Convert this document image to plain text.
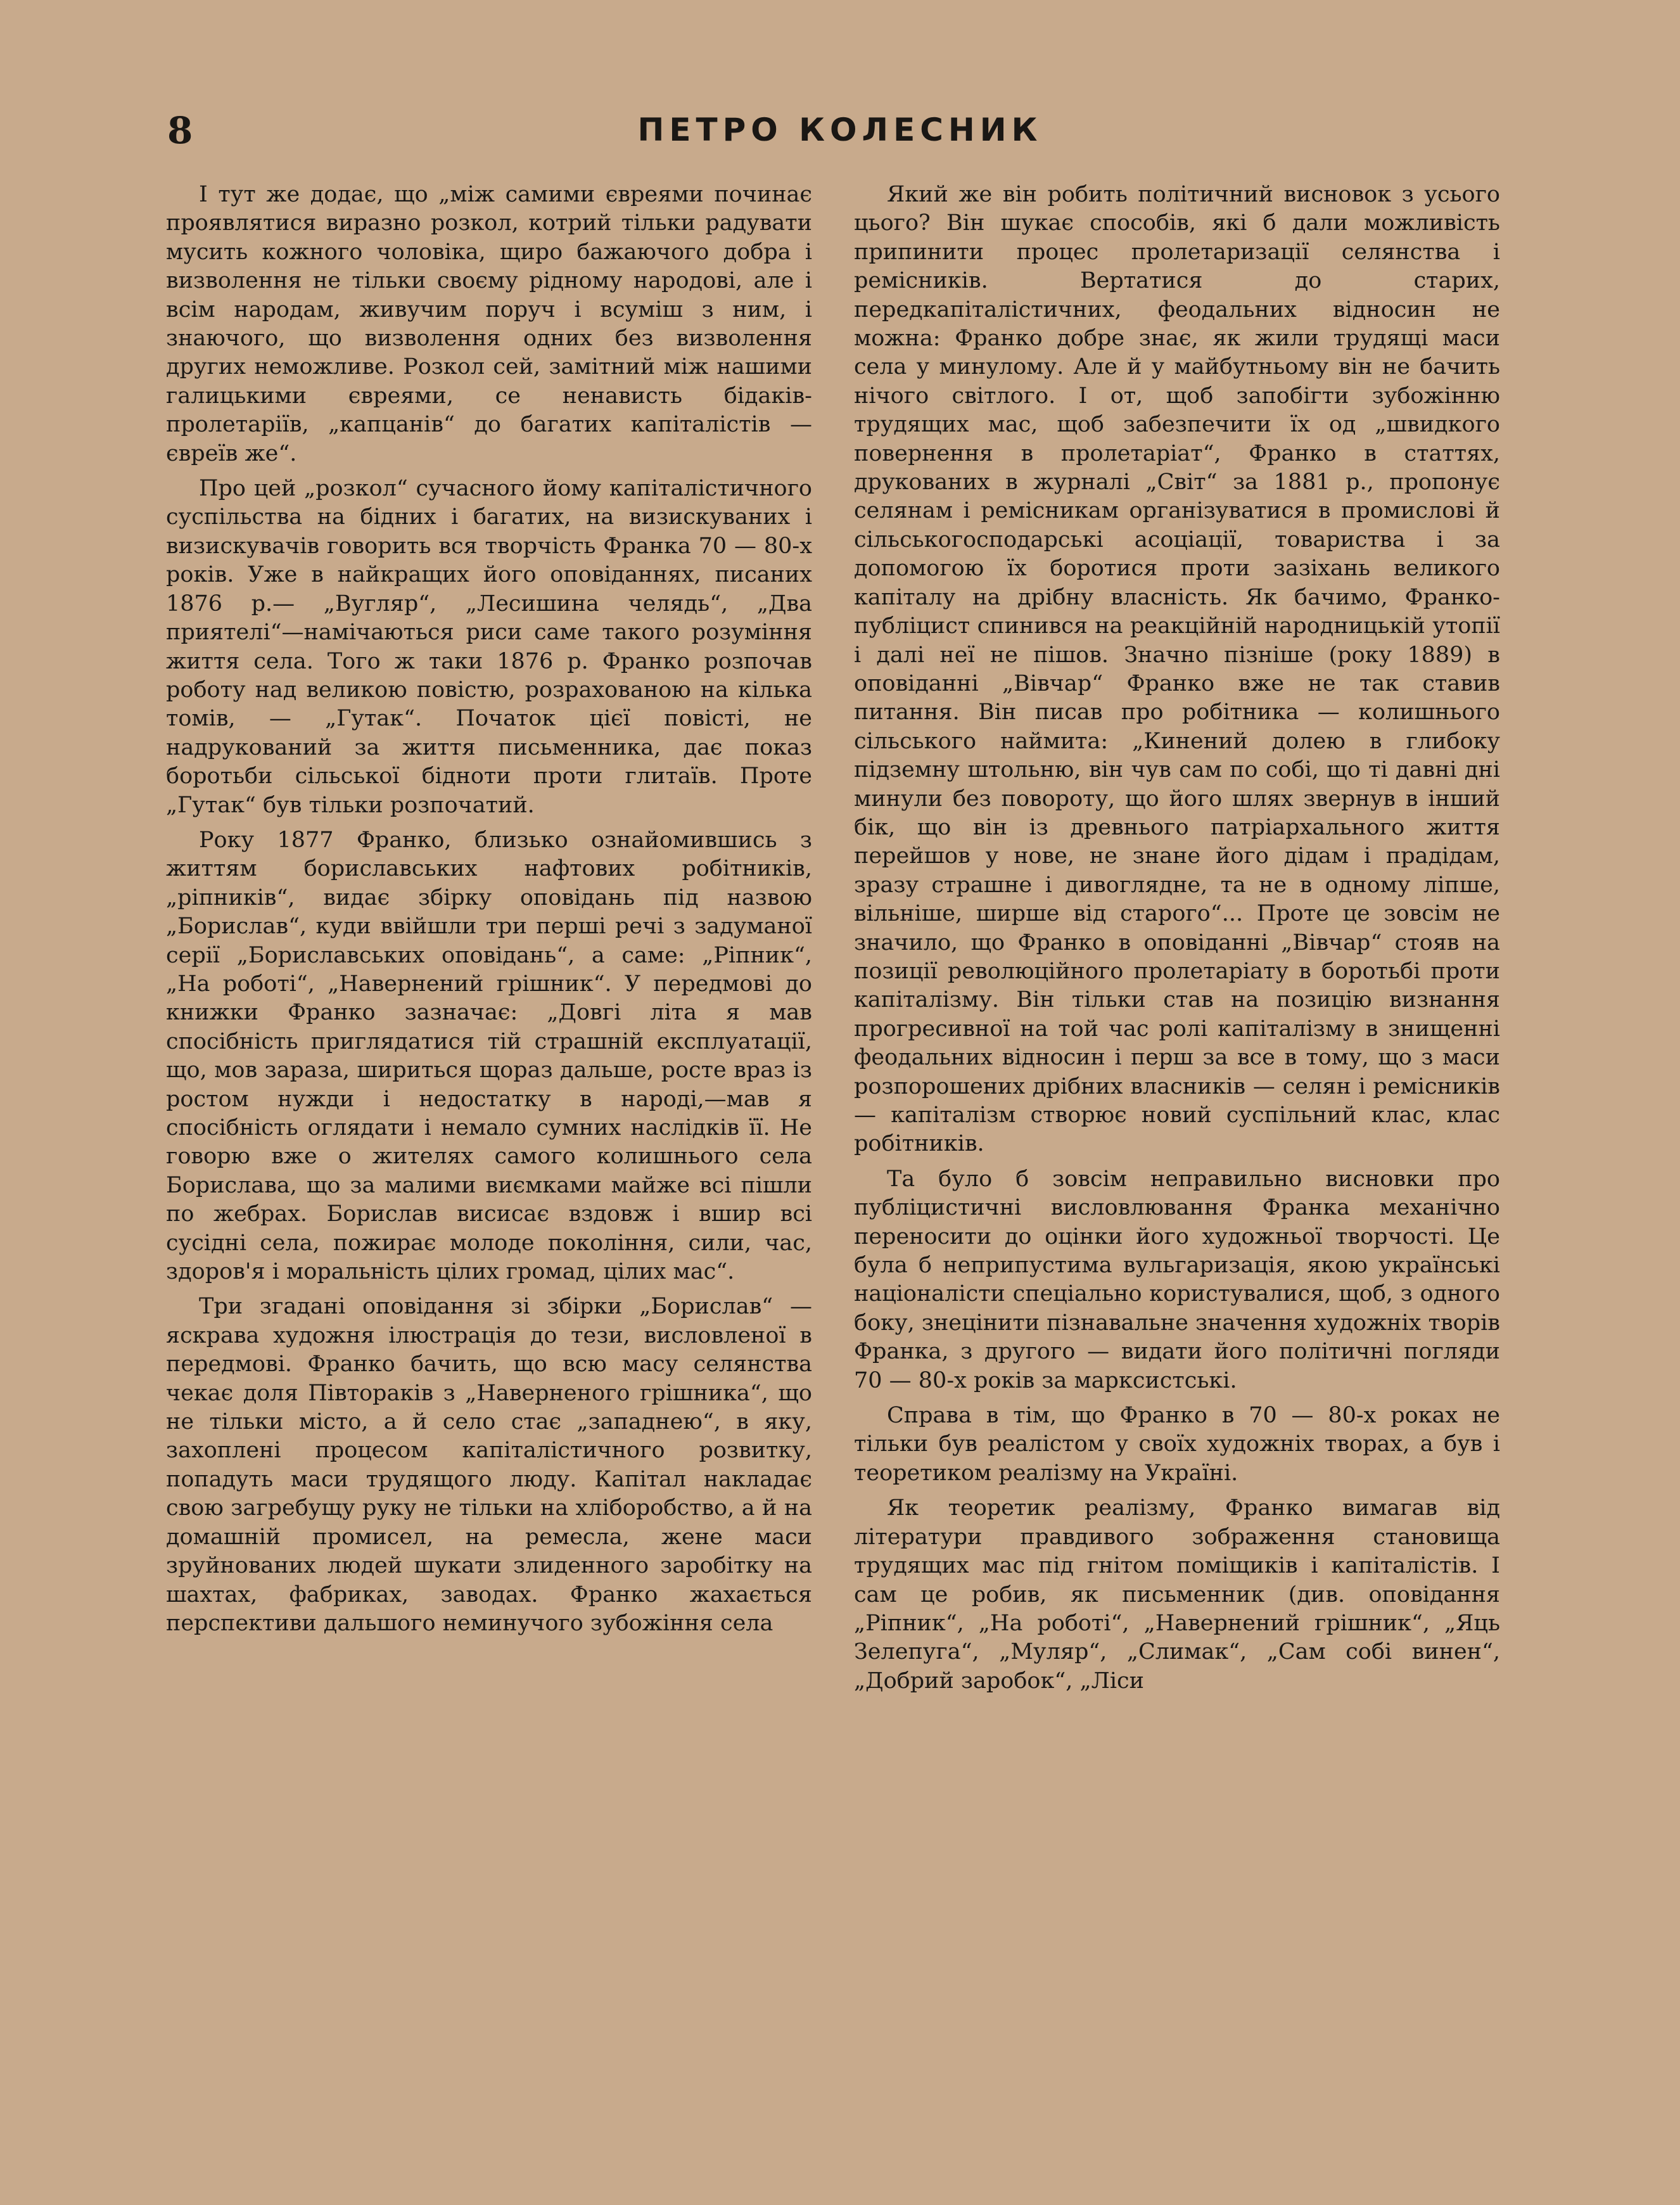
8	ПЕТРО КОЛЕСНИК

І тут же додає, що „між самими євреями починає проявлятися виразно розкол, котрий тільки радувати мусить кожного чоловіка, щиро бажаючого добра і визволення не тільки своєму рідному народові, але і всім народам, живучим поруч і всуміш з ним, і знаючого, що визволення одних без визволення других неможливе. Розкол сей, замітний між нашими галицькими євреями, се ненависть бідаків-пролетаріїв, „капцанів“ до багатих капіталістів — євреїв же“.

Про цей „розкол“ сучасного йому капіталістичного суспільства на бідних і багатих, на визискуваних і визискувачів говорить вся творчість Франка 70 — 80-х років. Уже в найкращих його оповіданнях, писаних 1876 р.— „Вугляр“, „Лесишина челядь“, „Два приятелі“—намічаються риси саме такого розуміння життя села. Того ж таки 1876 р. Франко розпочав роботу над великою повістю, розрахованою на кілька томів, — „Гутак“. Початок цієї повісті, не надрукований за життя письменника, дає показ боротьби сільської бідноти проти глитаїв. Проте „Гутак“ був тільки розпочатий.

Року 1877 Франко, близько ознайомившись з життям бориславських нафтових робітників, „ріпників“, видає збірку оповідань під назвою „Борислав“, куди ввійшли три перші речі з задуманої серії „Бориславських оповідань“, а саме: „Ріпник“, „На роботі“, „Навернений грішник“. У передмові до книжки Франко зазначає: „Довгі літа я мав спосібність приглядатися тій страшній експлуатації, що, мов зараза, шириться щораз дальше, росте враз із ростом нужди і недостатку в народі,—мав я спосібність оглядати і немало сумних наслідків її. Не говорю вже о жителях самого колишнього села Борислава, що за малими виємками майже всі пішли по жебрах. Борислав висисає вздовж і вшир всі сусідні села, пожирає молоде покоління, сили, час, здоров'я і моральність цілих громад, цілих мас“.

Три згадані оповідання зі збірки „Борислав“ — яскрава художня ілюстрація до тези, висловленої в передмові. Франко бачить, що всю масу селянства чекає доля Півтораків з „Наверненого грішника“, що не тільки місто, а й село стає „западнею“, в яку, захоплені процесом капіталістичного розвитку, попадуть маси трудящого люду. Капітал накладає свою загребущу руку не тільки на хліборобство, а й на домашній промисел, на ремесла, жене маси зруйнованих людей шукати злиденного заробітку на шахтах, фабриках, заводах. Франко жахається перспективи дальшого неминучого зубожіння села

Який же він робить політичний висновок з усього цього? Він шукає способів, які б дали можливість припинити процес пролетаризації селянства і ремісників. Вертатися до старих, передкапіталістичних, феодальних відносин не можна: Франко добре знає, як жили трудящі маси села у минулому. Але й у майбутньому він не бачить нічого світлого. І от, щоб запобігти зубожінню трудящих мас, щоб забезпечити їх од „швидкого повернення в пролетаріат“, Франко в статтях, друкованих в журналі „Світ“ за 1881 р., пропонує селянам і ремісникам організуватися в промислові й сільськогосподарські асоціації, товариства і за допомогою їх боротися проти зазіхань великого капіталу на дрібну власність. Як бачимо, Франко-публіцист спинився на реакційній народницькій утопії і далі неї не пішов. Значно пізніше (року 1889) в оповіданні „Вівчар“ Франко вже не так ставив питання. Він писав про робітника — колишнього сільського наймита: „Кинений долею в глибоку підземну штольню, він чув сам по собі, що ті давні дні минули без повороту, що його шлях звернув в інший бік, що він із древнього патріархального життя перейшов у нове, не знане його дідам і прадідам, зразу страшне і дивоглядне, та не в одному ліпше, вільніше, ширше від старого“... Проте це зовсім не значило, що Франко в оповіданні „Вівчар“ стояв на позиції революційного пролетаріату в боротьбі проти капіталізму. Він тільки став на позицію визнання прогресивної на той час ролі капіталізму в знищенні феодальних відносин і перш за все в тому, що з маси розпорошених дрібних власників — селян і ремісників — капіталізм створює новий суспільний клас, клас робітників.

Та було б зовсім неправильно висновки про публіцистичні висловлювання Франка механічно переносити до оцінки його художньої творчості. Це була б неприпустима вульгаризація, якою українські націоналісти спеціально користувалися, щоб, з одного боку, знецінити пізнавальне значення художніх творів Франка, з другого — видати його політичні погляди 70 — 80-х років за марксистські.

Справа в тім, що Франко в 70 — 80-х роках не тільки був реалістом у своїх художніх творах, а був і теоретиком реалізму на Україні.

Як теоретик реалізму, Франко вимагав від літератури правдивого зображення становища трудящих мас під гнітом поміщиків і капіталістів. І сам це робив, як письменник (див. оповідання „Ріпник“, „На роботі“, „Навернений грішник“, „Яць Зелепуга“, „Муляр“, „Слимак“, „Сам собі винен“, „Добрий заробок“, „Ліси
